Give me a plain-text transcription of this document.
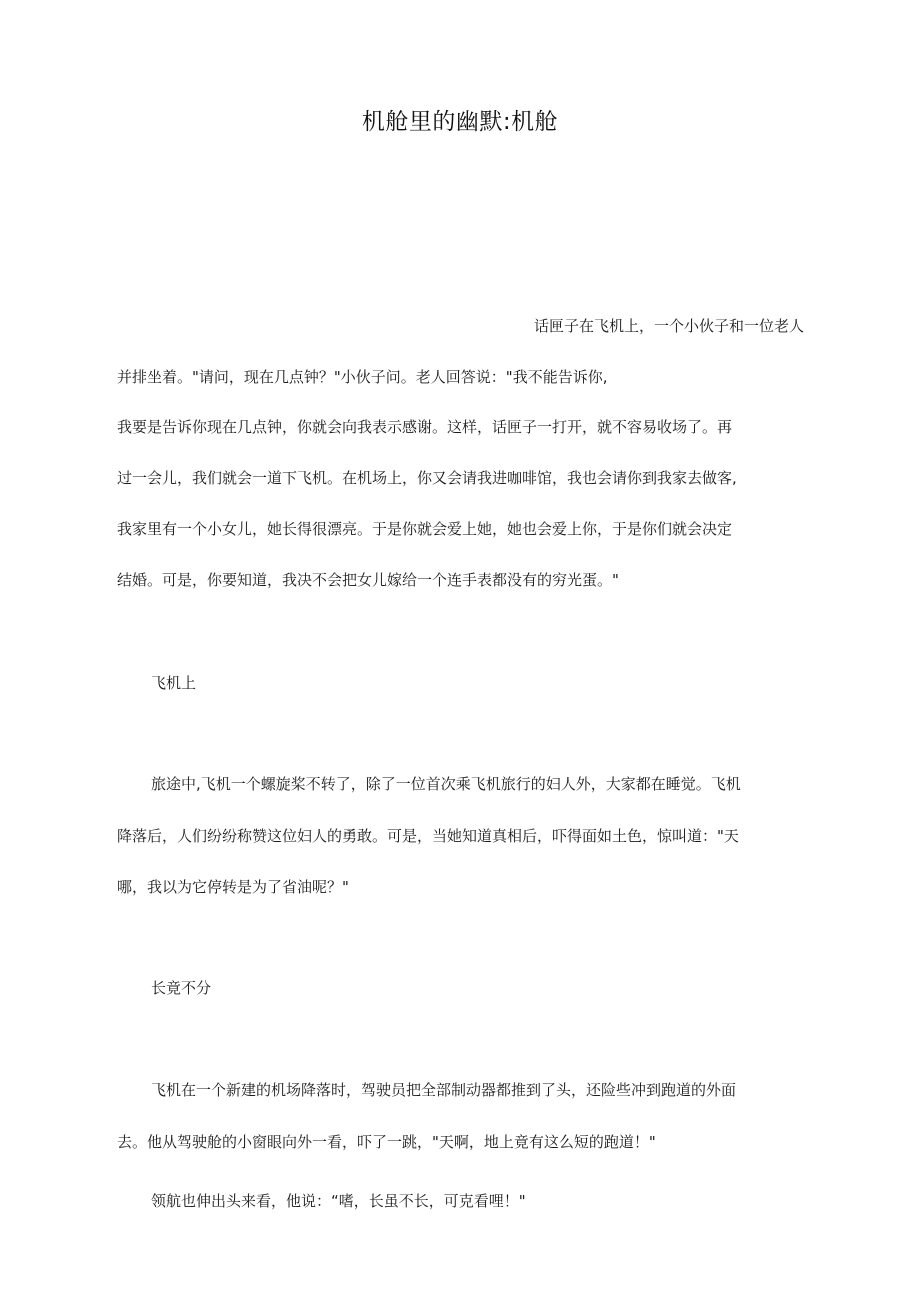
机舱里的幽默:机舱
话匣子在飞机上，一个小伙子和一位老人
并排坐着。"请问，现在几点钟？"小伙子问。老人回答说："我不能告诉你,
我要是告诉你现在几点钟，你就会向我表示感谢。这样，话匣子一打开，就不容易收场了。再
过一会儿，我们就会一道下飞机。在机场上，你又会请我进咖啡馆，我也会请你到我家去做客,
我家里有一个小女儿，她长得很漂亮。于是你就会爱上她，她也会爱上你，于是你们就会决定
结婚。可是，你要知道，我决不会把女儿嫁给一个连手表都没有的穷光蛋。"
飞机上
旅途中,飞机一个螺旋桨不转了，除了一位首次乘飞机旅行的妇人外，大家都在睡觉。飞机
降落后，人们纷纷称赞这位妇人的勇敢。可是，当她知道真相后，吓得面如土色，惊叫道："天
哪，我以为它停转是为了省油呢？"
长竟不分
飞机在一个新建的机场降落时，驾驶员把全部制动器都推到了头，还险些冲到跑道的外面
去。他从驾驶舱的小窗眼向外一看，吓了一跳，"天啊，地上竟有这么短的跑道！"
领航也伸出头来看，他说：“嗜，长虽不长，可克看哩！"
